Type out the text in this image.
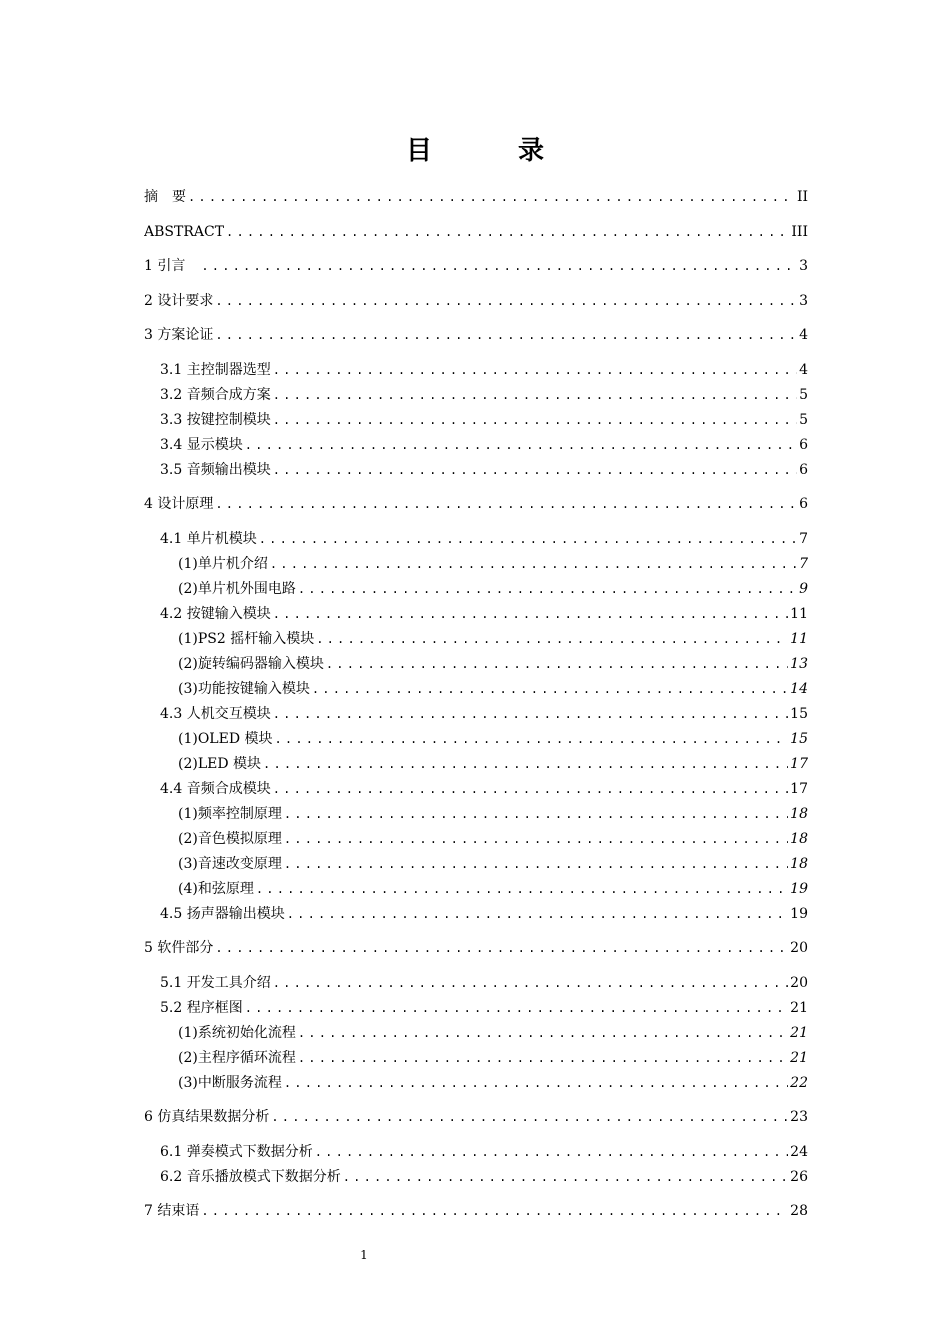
目　录
摘　要 .....	II
ABSTRACT .....	III
1 引言　 .....	3
2 设计要求 .....	3
3 方案论证 .....	4
3.1 主控制器选型 .....	4
3.2 音频合成方案 .....	5
3.3 按键控制模块 .....	5
3.4 显示模块 .....	6
3.5 音频输出模块 .....	6
4 设计原理 .....	6
4.1 单片机模块 .....	7
(1)单片机介绍 .....	7
(2)单片机外围电路 .....	9
4.2 按键输入模块 .....	11
(1)PS2 摇杆输入模块 .....	11
(2)旋转编码器输入模块 .....	13
(3)功能按键输入模块 .....	14
4.3 人机交互模块 .....	15
(1)OLED 模块 .....	15
(2)LED 模块 .....	17
4.4 音频合成模块 .....	17
(1)频率控制原理 .....	18
(2)音色模拟原理 .....	18
(3)音速改变原理 .....	18
(4)和弦原理 .....	19
4.5 扬声器输出模块 .....	19
5 软件部分 .....	20
5.1 开发工具介绍 .....	20
5.2 程序框图 .....	21
(1)系统初始化流程 .....	21
(2)主程序循环流程 .....	21
(3)中断服务流程 .....	22
6 仿真结果数据分析 .....	23
6.1 弹奏模式下数据分析 .....	24
6.2 音乐播放模式下数据分析 .....	26
7 结束语 .....	28
1
